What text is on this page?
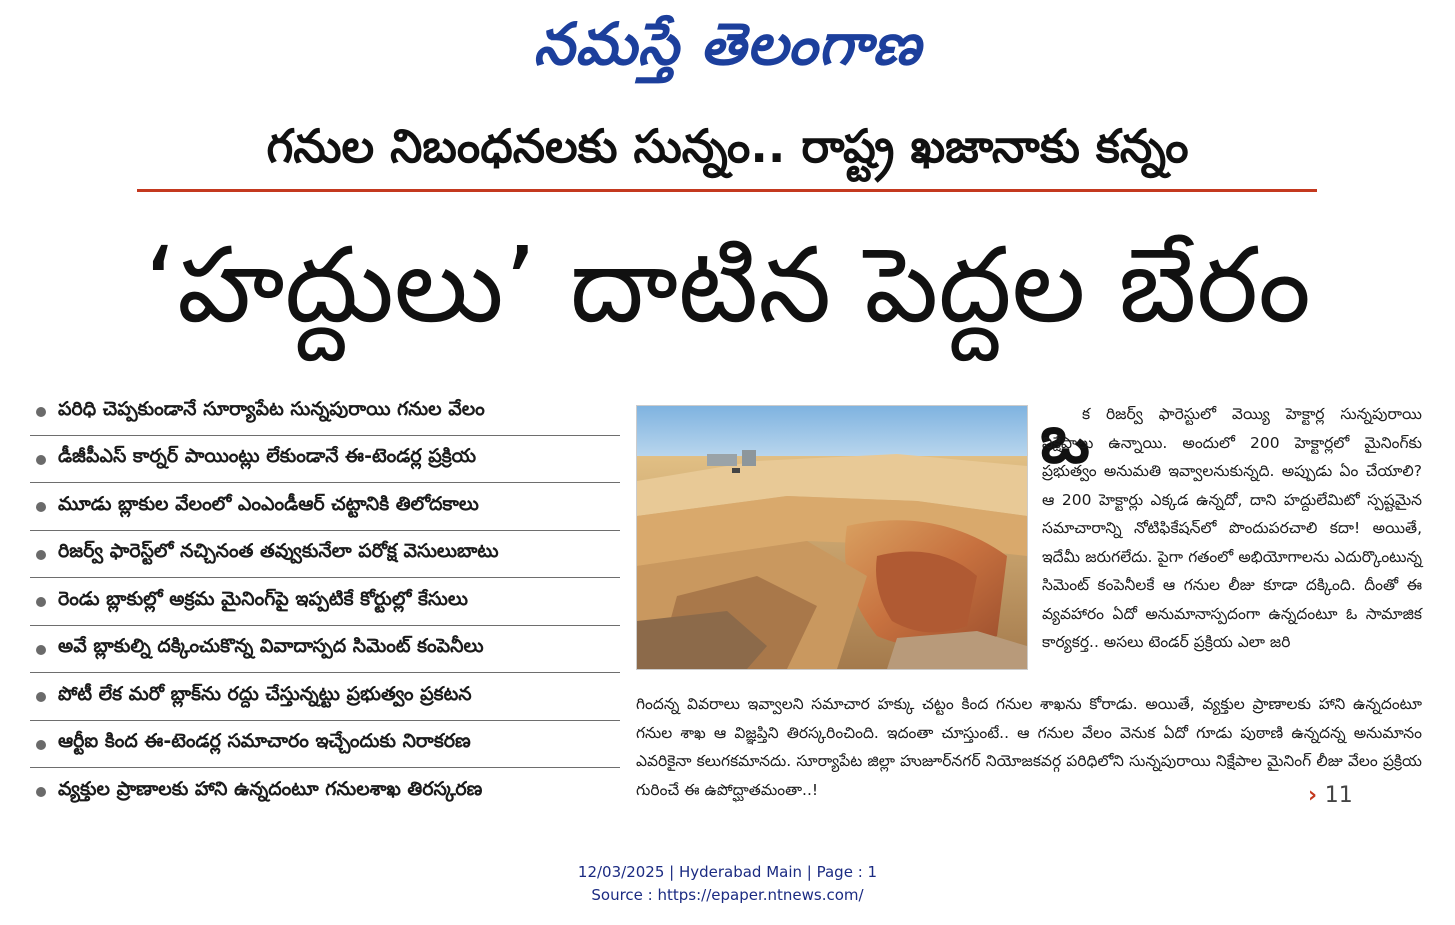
నమస్తే తెలంగాణ
గనుల నిబంధనలకు సున్నం.. రాష్ట్ర ఖజానాకు కన్నం
‘హద్దులు’ దాటిన పెద్దల బేరం
పరిధి చెప్పకుండానే సూర్యాపేట సున్నపురాయి గనుల వేలం
డీజీపీఎస్ కార్నర్ పాయింట్లు లేకుండానే ఈ-టెండర్ల ప్రక్రియ
మూడు బ్లాకుల వేలంలో ఎంఎండీఆర్ చట్టానికి తిలోదకాలు
రిజర్వ్ ఫారెస్ట్‌లో నచ్చినంత తవ్వుకునేలా పరోక్ష వెసులుబాటు
రెండు బ్లాకుల్లో అక్రమ మైనింగ్‌పై ఇప్పటికే కోర్టుల్లో కేసులు
అవే బ్లాకుల్ని దక్కించుకొన్న వివాదాస్పద సిమెంట్ కంపెనీలు
పోటీ లేక మరో బ్లాక్‌ను రద్దు చేస్తున్నట్టు ప్రభుత్వం ప్రకటన
ఆర్టీఐ కింద ఈ-టెండర్ల సమాచారం ఇచ్చేందుకు నిరాకరణ
వ్యక్తుల ప్రాణాలకు హాని ఉన్నదంటూ గనులశాఖ తిరస్కరణ
ఒ
క రిజర్వ్ ఫారెస్టులో వెయ్యి హెక్టార్ల సున్నపురాయి నిక్షేపాలు ఉన్నాయి. అందులో 200 హెక్టార్లలో మైనింగ్‌కు ప్రభుత్వం అనుమతి ఇవ్వాలనుకున్నది. అప్పుడు ఏం చేయాలి? ఆ 200 హెక్టార్లు ఎక్కడ ఉన్నదో, దాని హద్దులేమిటో స్పష్టమైన సమాచారాన్ని నోటిఫికేషన్‌లో పొందుపరచాలి కదా! అయితే, ఇదేమీ జరుగలేదు. పైగా గతంలో అభియోగాలను ఎదుర్కొంటున్న సిమెంట్ కంపెనీలకే ఆ గనుల లీజు కూడా దక్కింది. దీంతో ఈ వ్యవహారం ఏదో అనుమానాస్పదంగా ఉన్నదంటూ ఓ సామాజిక కార్యకర్త.. అసలు టెండర్ ప్రక్రియ ఎలా జరి
గిందన్న వివరాలు ఇవ్వాలని సమాచార హక్కు చట్టం కింద గనుల శాఖను కోరాడు. అయితే, వ్యక్తుల ప్రాణాలకు హాని ఉన్నదంటూ గనుల శాఖ ఆ విజ్ఞప్తిని తిరస్కరించింది. ఇదంతా చూస్తుంటే.. ఆ గనుల వేలం వెనుక ఏదో గూడు పుఠాణి ఉన్నదన్న అనుమానం ఎవరికైనా కలుగకమానదు. సూర్యాపేట జిల్లా హుజూర్‌నగర్ నియోజకవర్గ పరిధిలోని సున్నపురాయి నిక్షేపాల మైనింగ్ లీజు వేలం ప్రక్రియ గురించే ఈ ఉపోద్ఘాతమంతా..!	› 11
12/03/2025 | Hyderabad Main | Page : 1
Source : https://epaper.ntnews.com/
